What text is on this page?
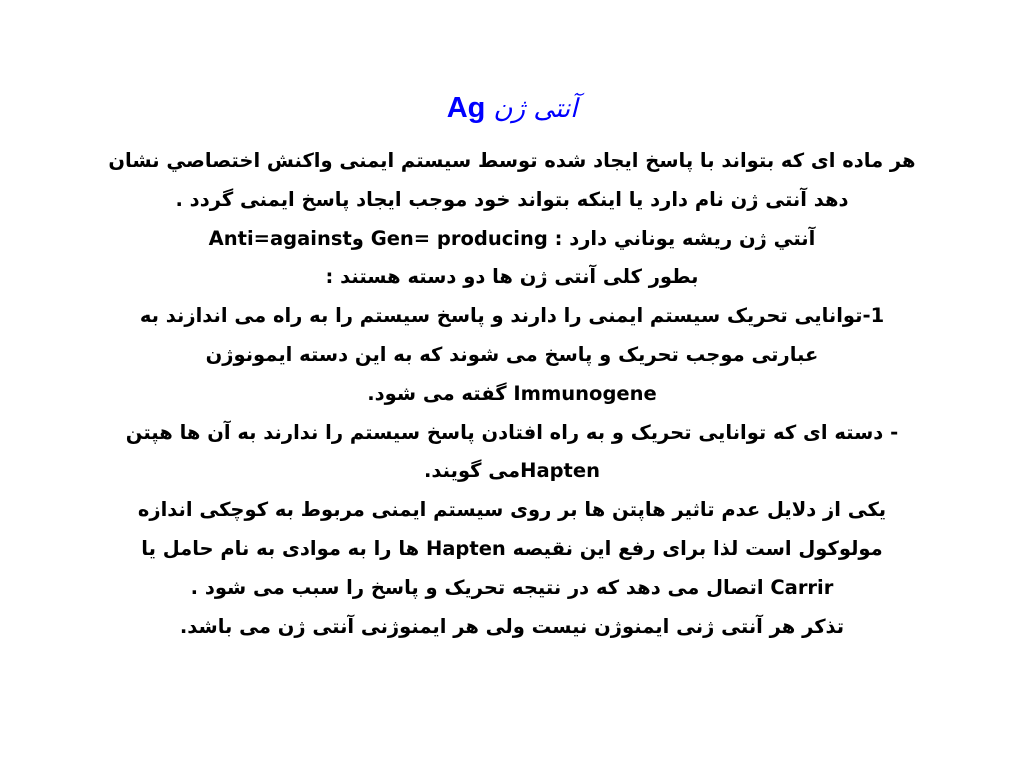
Ag آنتی ژن
هر ماده ای که بتواند با پاسخ ایجاد شده توسط سیستم ایمنی واکنش اختصاصي نشان
دهد آنتی ژن نام دارد یا اینکه بتواند خود موجب ایجاد پاسخ ایمنی گردد .
آنتي ژن ريشه يوناني دارد : Gen= producing وAnti=against
بطور کلی آنتی ژن ها دو دسته هستند :
1-توانایی تحریک سیستم ایمنی را دارند و پاسخ سیستم را به راه می اندازند به
عبارتی موجب تحریک و پاسخ می شوند که به این دسته ایمونوژن
Immunogene گفته می شود.
- دسته ای که توانایی تحریک و به راه افتادن پاسخ سیستم را ندارند به آن ها هپتن
Haptenمی گویند.
یکی از دلایل عدم تاثیر هاپتن ها بر روی سیستم ایمنی مربوط به کوچکی اندازه
مولوکول است لذا برای رفع این نقیصه Hapten ها را به موادی به نام حامل یا
Carrir اتصال می دهد که در نتیجه تحریک و پاسخ را سبب می شود .
تذکر هر آنتی ژنی ایمنوژن نیست ولی هر ایمنوژنی آنتی ژن می باشد.
